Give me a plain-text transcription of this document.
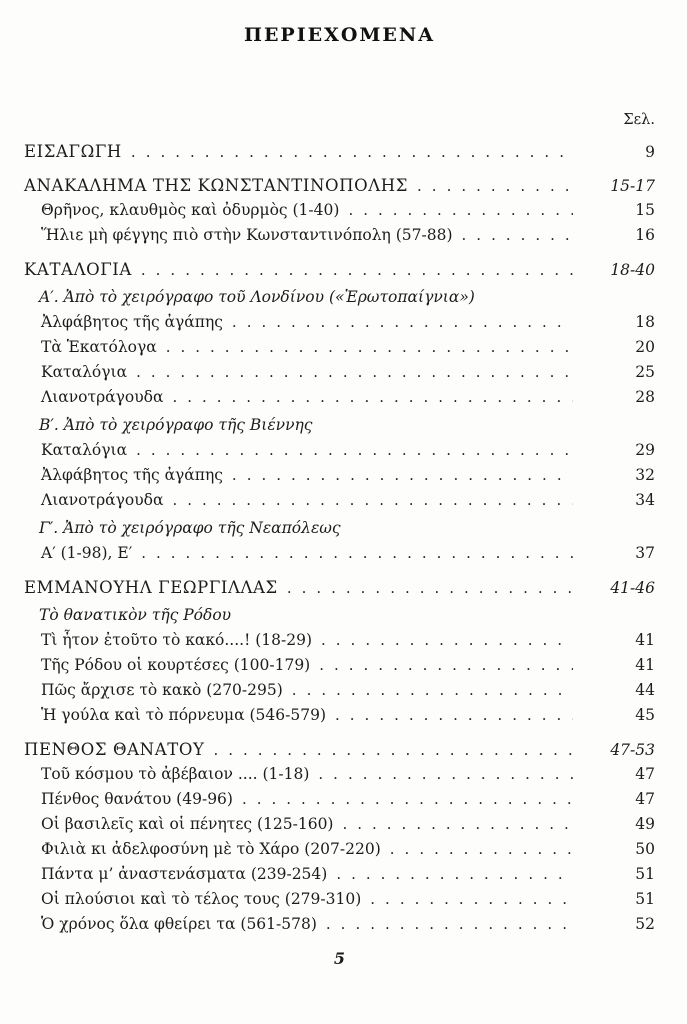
ΠΕΡΙΕΧΟΜΕΝΑ
Σελ.
ΕΙΣΑΓΩΓΗ .....	9
ΑΝΑΚΑΛΗΜΑ ΤΗΣ ΚΩΝΣΤΑΝΤΙΝΟΠΟΛΗΣ .....	15-17
Θρῆνος, κλαυθμὸς καὶ ὀδυρμὸς (1-40) .....	15
Ἥλιε μὴ φέγγης πιὸ στὴν Κωνσταντινόπολη (57-88) .....	16
ΚΑΤΑΛΟΓΙΑ .....	18-40
Α′. Ἀπὸ τὸ χειρόγραφο τοῦ Λονδίνου («Ἐρωτοπαίγνια»)
Ἀλφάβητος τῆς ἀγάπης .....	18
Τὰ Ἑκατόλογα .....	20
Καταλόγια .....	25
Λιανοτράγουδα .....	28
Β′. Ἀπὸ τὸ χειρόγραφο τῆς Βιέννης
Καταλόγια .....	29
Ἀλφάβητος τῆς ἀγάπης .....	32
Λιανοτράγουδα .....	34
Γ′. Ἀπὸ τὸ χειρόγραφο τῆς Νεαπόλεως
Α′ (1-98), Ε′ .....	37
ΕΜΜΑΝΟΥΗΛ ΓΕΩΡΓΙΛΛΑΣ .....	41-46
Τὸ θανατικὸν τῆς Ρόδου
Τὶ ἦτον ἐτοῦτο τὸ κακό....! (18-29) .....	41
Τῆς Ρόδου οἱ κουρτέσες (100-179) .....	41
Πῶς ἄρχισε τὸ κακὸ (270-295) .....	44
Ἡ γούλα καὶ τὸ πόρνευμα (546-579) .....	45
ΠΕΝΘΟΣ ΘΑΝΑΤΟΥ .....	47-53
Τοῦ κόσμου τὸ ἀβέβαιον .... (1-18) .....	47
Πένθος θανάτου (49-96) .....	47
Οἱ βασιλεῖς καὶ οἱ πένητες (125-160) .....	49
Φιλιὰ κι ἀδελφοσύνη μὲ τὸ Χάρο (207-220) .....	50
Πάντα μ’ ἀναστενάσματα (239-254) .....	51
Οἱ πλούσιοι καὶ τὸ τέλος τους (279-310) .....	51
Ὁ χρόνος ὅλα φθείρει τα (561-578) .....	52
5
